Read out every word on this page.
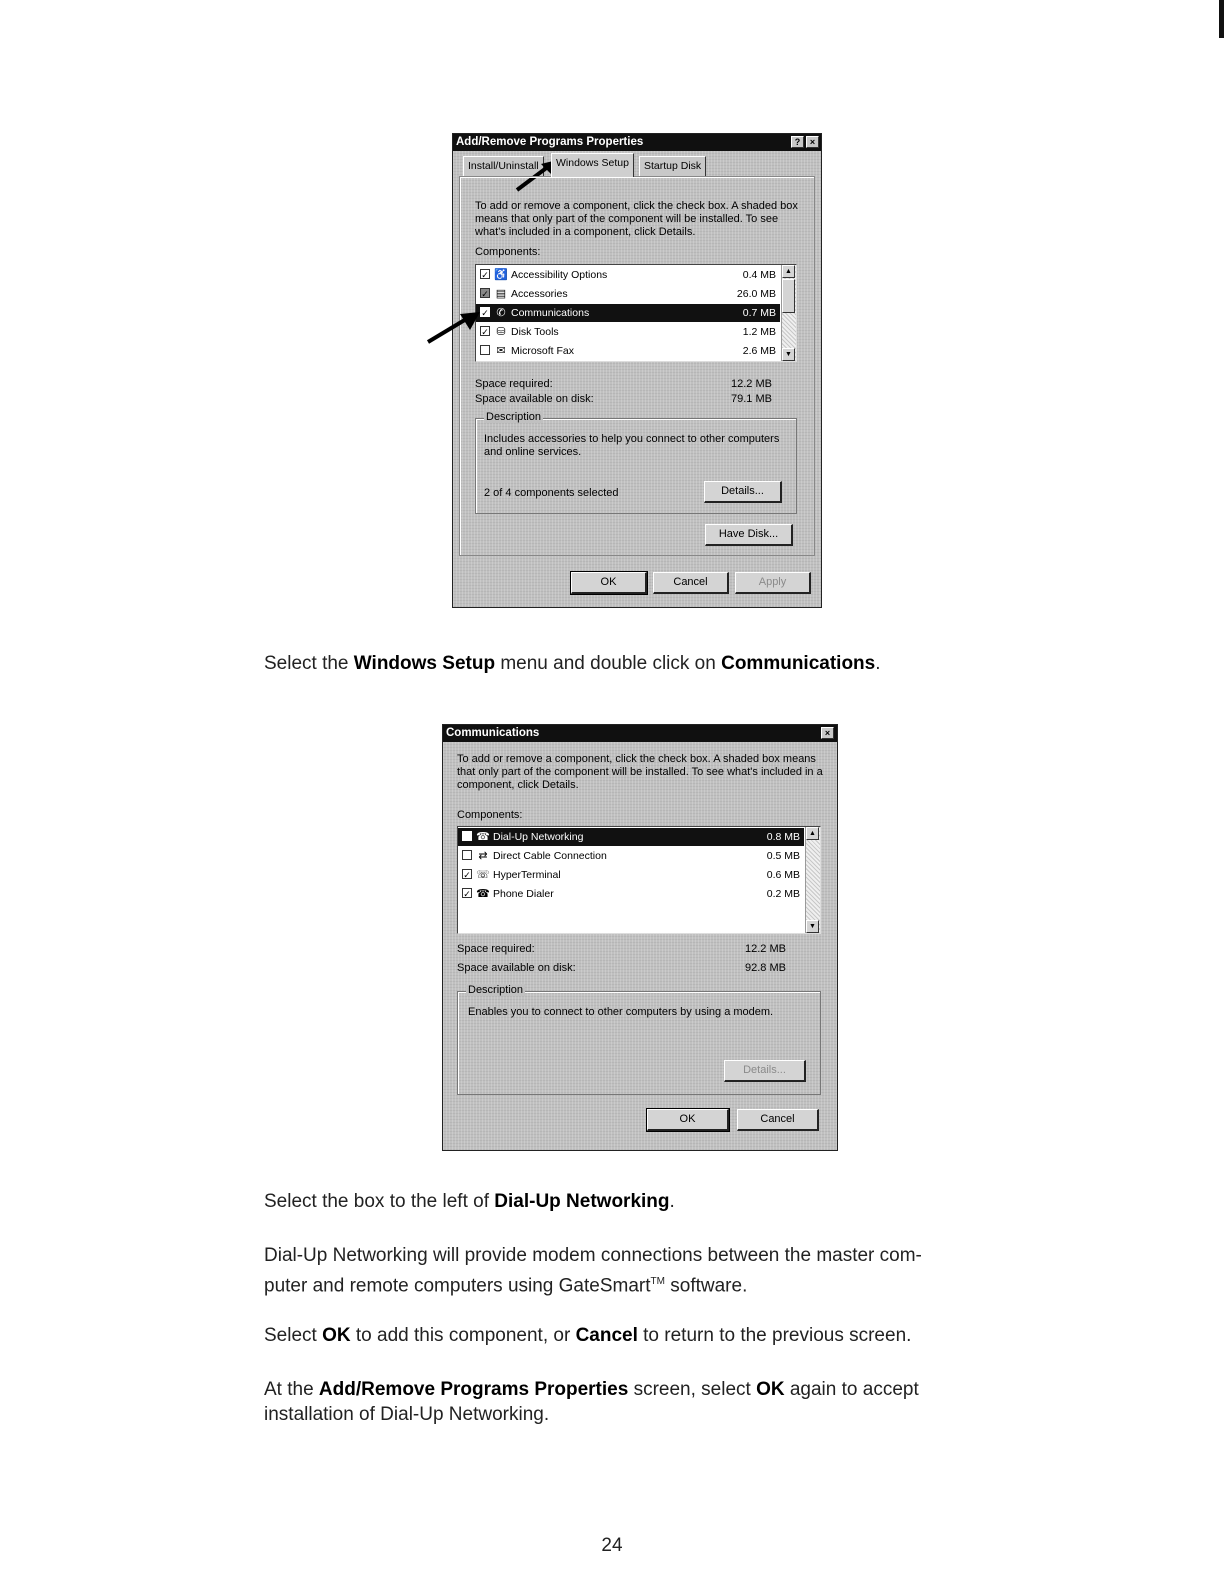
Add/Remove Programs Properties	?	×
Install/Uninstall	Windows Setup	Startup Disk
To add or remove a component, click the check box. A shaded box means that only part of the component will be installed. To see what's included in a component, click Details.
Components:
✓ ♿ Accessibility Options	0.4 MB
✓ ▤ Accessories	26.0 MB
✓ ✆ Communications	0.7 MB
✓ ⛁ Disk Tools	1.2 MB
✉ Microsoft Fax	2.6 MB
▲
▼
Space required:	12.2 MB
Space available on disk:	79.1 MB
Description
Includes accessories to help you connect to other computers and online services.
2 of 4 components selected	Details...
Have Disk...
OK	Cancel	Apply
Select the Windows Setup menu and double click on Communications.
Communications	×
To add or remove a component, click the check box. A shaded box means that only part of the component will be installed. To see what's included in a component, click Details.
Components:
☎ Dial-Up Networking	0.8 MB
⇄ Direct Cable Connection	0.5 MB
✓ ☏ HyperTerminal	0.6 MB
✓ ☎ Phone Dialer	0.2 MB
▲
▼
Space required:	12.2 MB
Space available on disk:	92.8 MB
Description
Enables you to connect to other computers by using a modem.
Details...
OK	Cancel
Select the box to the left of Dial-Up Networking.
Dial-Up Networking will provide modem connections between the master com-
puter and remote computers using GateSmart™ software.
Select OK to add this component, or Cancel to return to the previous screen.
At the Add/Remove Programs Properties screen, select OK again to accept
installation of Dial-Up Networking.
24
